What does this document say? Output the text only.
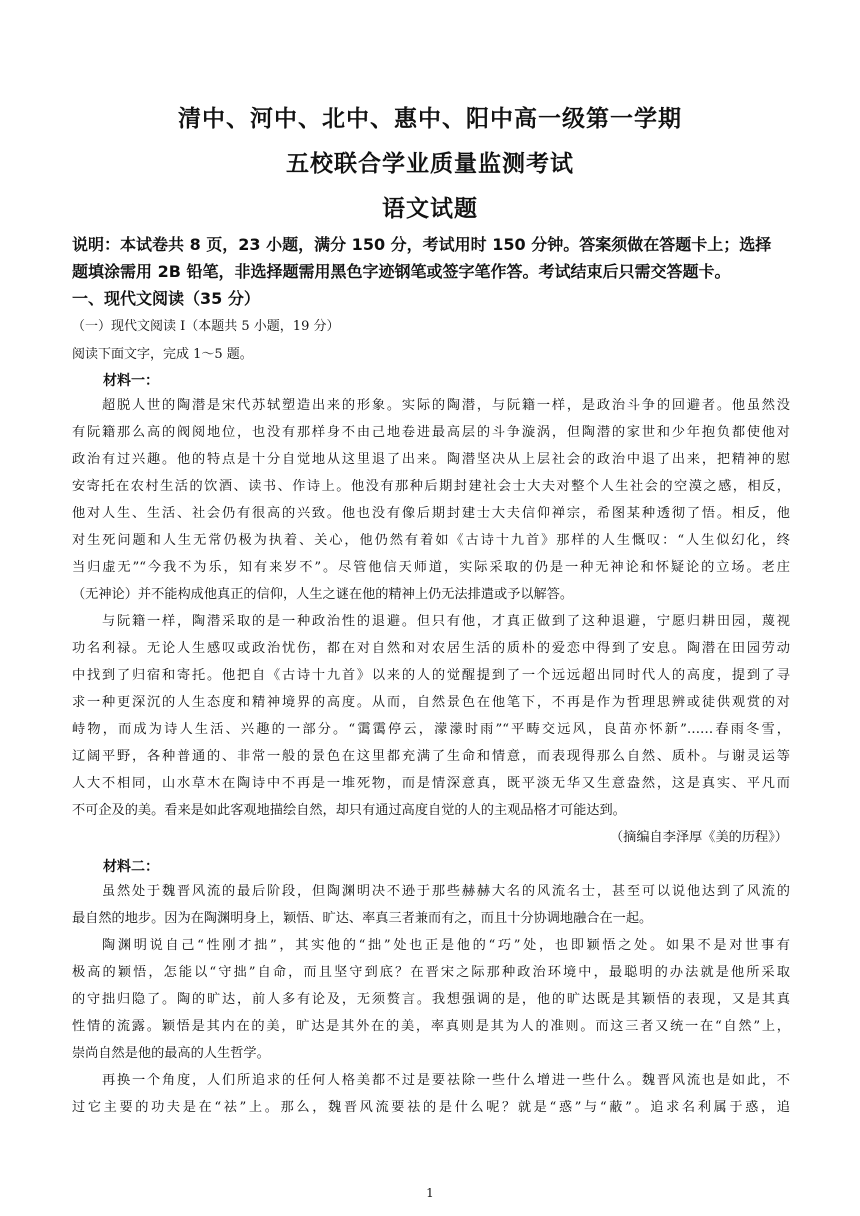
清中、河中、北中、惠中、阳中高一级第一学期
五校联合学业质量监测考试
语文试题
说明：本试卷共 8 页，23 小题，满分 150 分，考试用时 150 分钟。答案须做在答题卡上；选择
题填涂需用 2B 铅笔，非选择题需用黑色字迹钢笔或签字笔作答。考试结束后只需交答题卡。
一、现代文阅读（35 分）
（一）现代文阅读 I（本题共 5 小题，19 分）
阅读下面文字，完成 1～5 题。
材料一：
超脱人世的陶潜是宋代苏轼塑造出来的形象。实际的陶潜，与阮籍一样，是政治斗争的回避者。他虽然没
有阮籍那么高的阀阅地位，也没有那样身不由己地卷进最高层的斗争漩涡，但陶潜的家世和少年抱负都使他对
政治有过兴趣。他的特点是十分自觉地从这里退了出来。陶潜坚决从上层社会的政治中退了出来，把精神的慰
安寄托在农村生活的饮酒、读书、作诗上。他没有那种后期封建社会士大夫对整个人生社会的空漠之感，相反，
他对人生、生活、社会仍有很高的兴致。他也没有像后期封建士大夫信仰禅宗，希图某种透彻了悟。相反，他
对生死问题和人生无常仍极为执着、关心，他仍然有着如《古诗十九首》那样的人生慨叹：“人生似幻化，终
当归虚无”“今我不为乐，知有来岁不”。尽管他信天师道，实际采取的仍是一种无神论和怀疑论的立场。老庄
（无神论）并不能构成他真正的信仰，人生之谜在他的精神上仍无法排遣或予以解答。
与阮籍一样，陶潜采取的是一种政治性的退避。但只有他，才真正做到了这种退避，宁愿归耕田园，蔑视
功名利禄。无论人生感叹或政治忧伤，都在对自然和对农居生活的质朴的爱恋中得到了安息。陶潜在田园劳动
中找到了归宿和寄托。他把自《古诗十九首》以来的人的觉醒提到了一个远远超出同时代人的高度，提到了寻
求一种更深沉的人生态度和精神境界的高度。从而，自然景色在他笔下，不再是作为哲理思辨或徒供观赏的对
峙物，而成为诗人生活、兴趣的一部分。“霭霭停云，濛濛时雨”“平畴交远风，良苗亦怀新”……春雨冬雪，
辽阔平野，各种普通的、非常一般的景色在这里都充满了生命和情意，而表现得那么自然、质朴。与谢灵运等
人大不相同，山水草木在陶诗中不再是一堆死物，而是情深意真，既平淡无华又生意盎然，这是真实、平凡而
不可企及的美。看来是如此客观地描绘自然，却只有通过高度自觉的人的主观品格才可能达到。
（摘编自李泽厚《美的历程》）
材料二：
虽然处于魏晋风流的最后阶段，但陶渊明决不逊于那些赫赫大名的风流名士，甚至可以说他达到了风流的
最自然的地步。因为在陶渊明身上，颖悟、旷达、率真三者兼而有之，而且十分协调地融合在一起。
陶渊明说自己“性刚才拙”，其实他的“拙”处也正是他的“巧”处，也即颖悟之处。如果不是对世事有
极高的颖悟，怎能以“守拙”自命，而且坚守到底？在晋宋之际那种政治环境中，最聪明的办法就是他所采取
的守拙归隐了。陶的旷达，前人多有论及，无须赘言。我想强调的是，他的旷达既是其颖悟的表现，又是其真
性情的流露。颖悟是其内在的美，旷达是其外在的美，率真则是其为人的准则。而这三者又统一在“自然”上，
崇尚自然是他的最高的人生哲学。
再换一个角度，人们所追求的任何人格美都不过是要祛除一些什么增进一些什么。魏晋风流也是如此，不
过它主要的功夫是在“祛”上。那么，魏晋风流要祛的是什么呢？就是“惑”与“蔽”。追求名利属于惑，追
1
